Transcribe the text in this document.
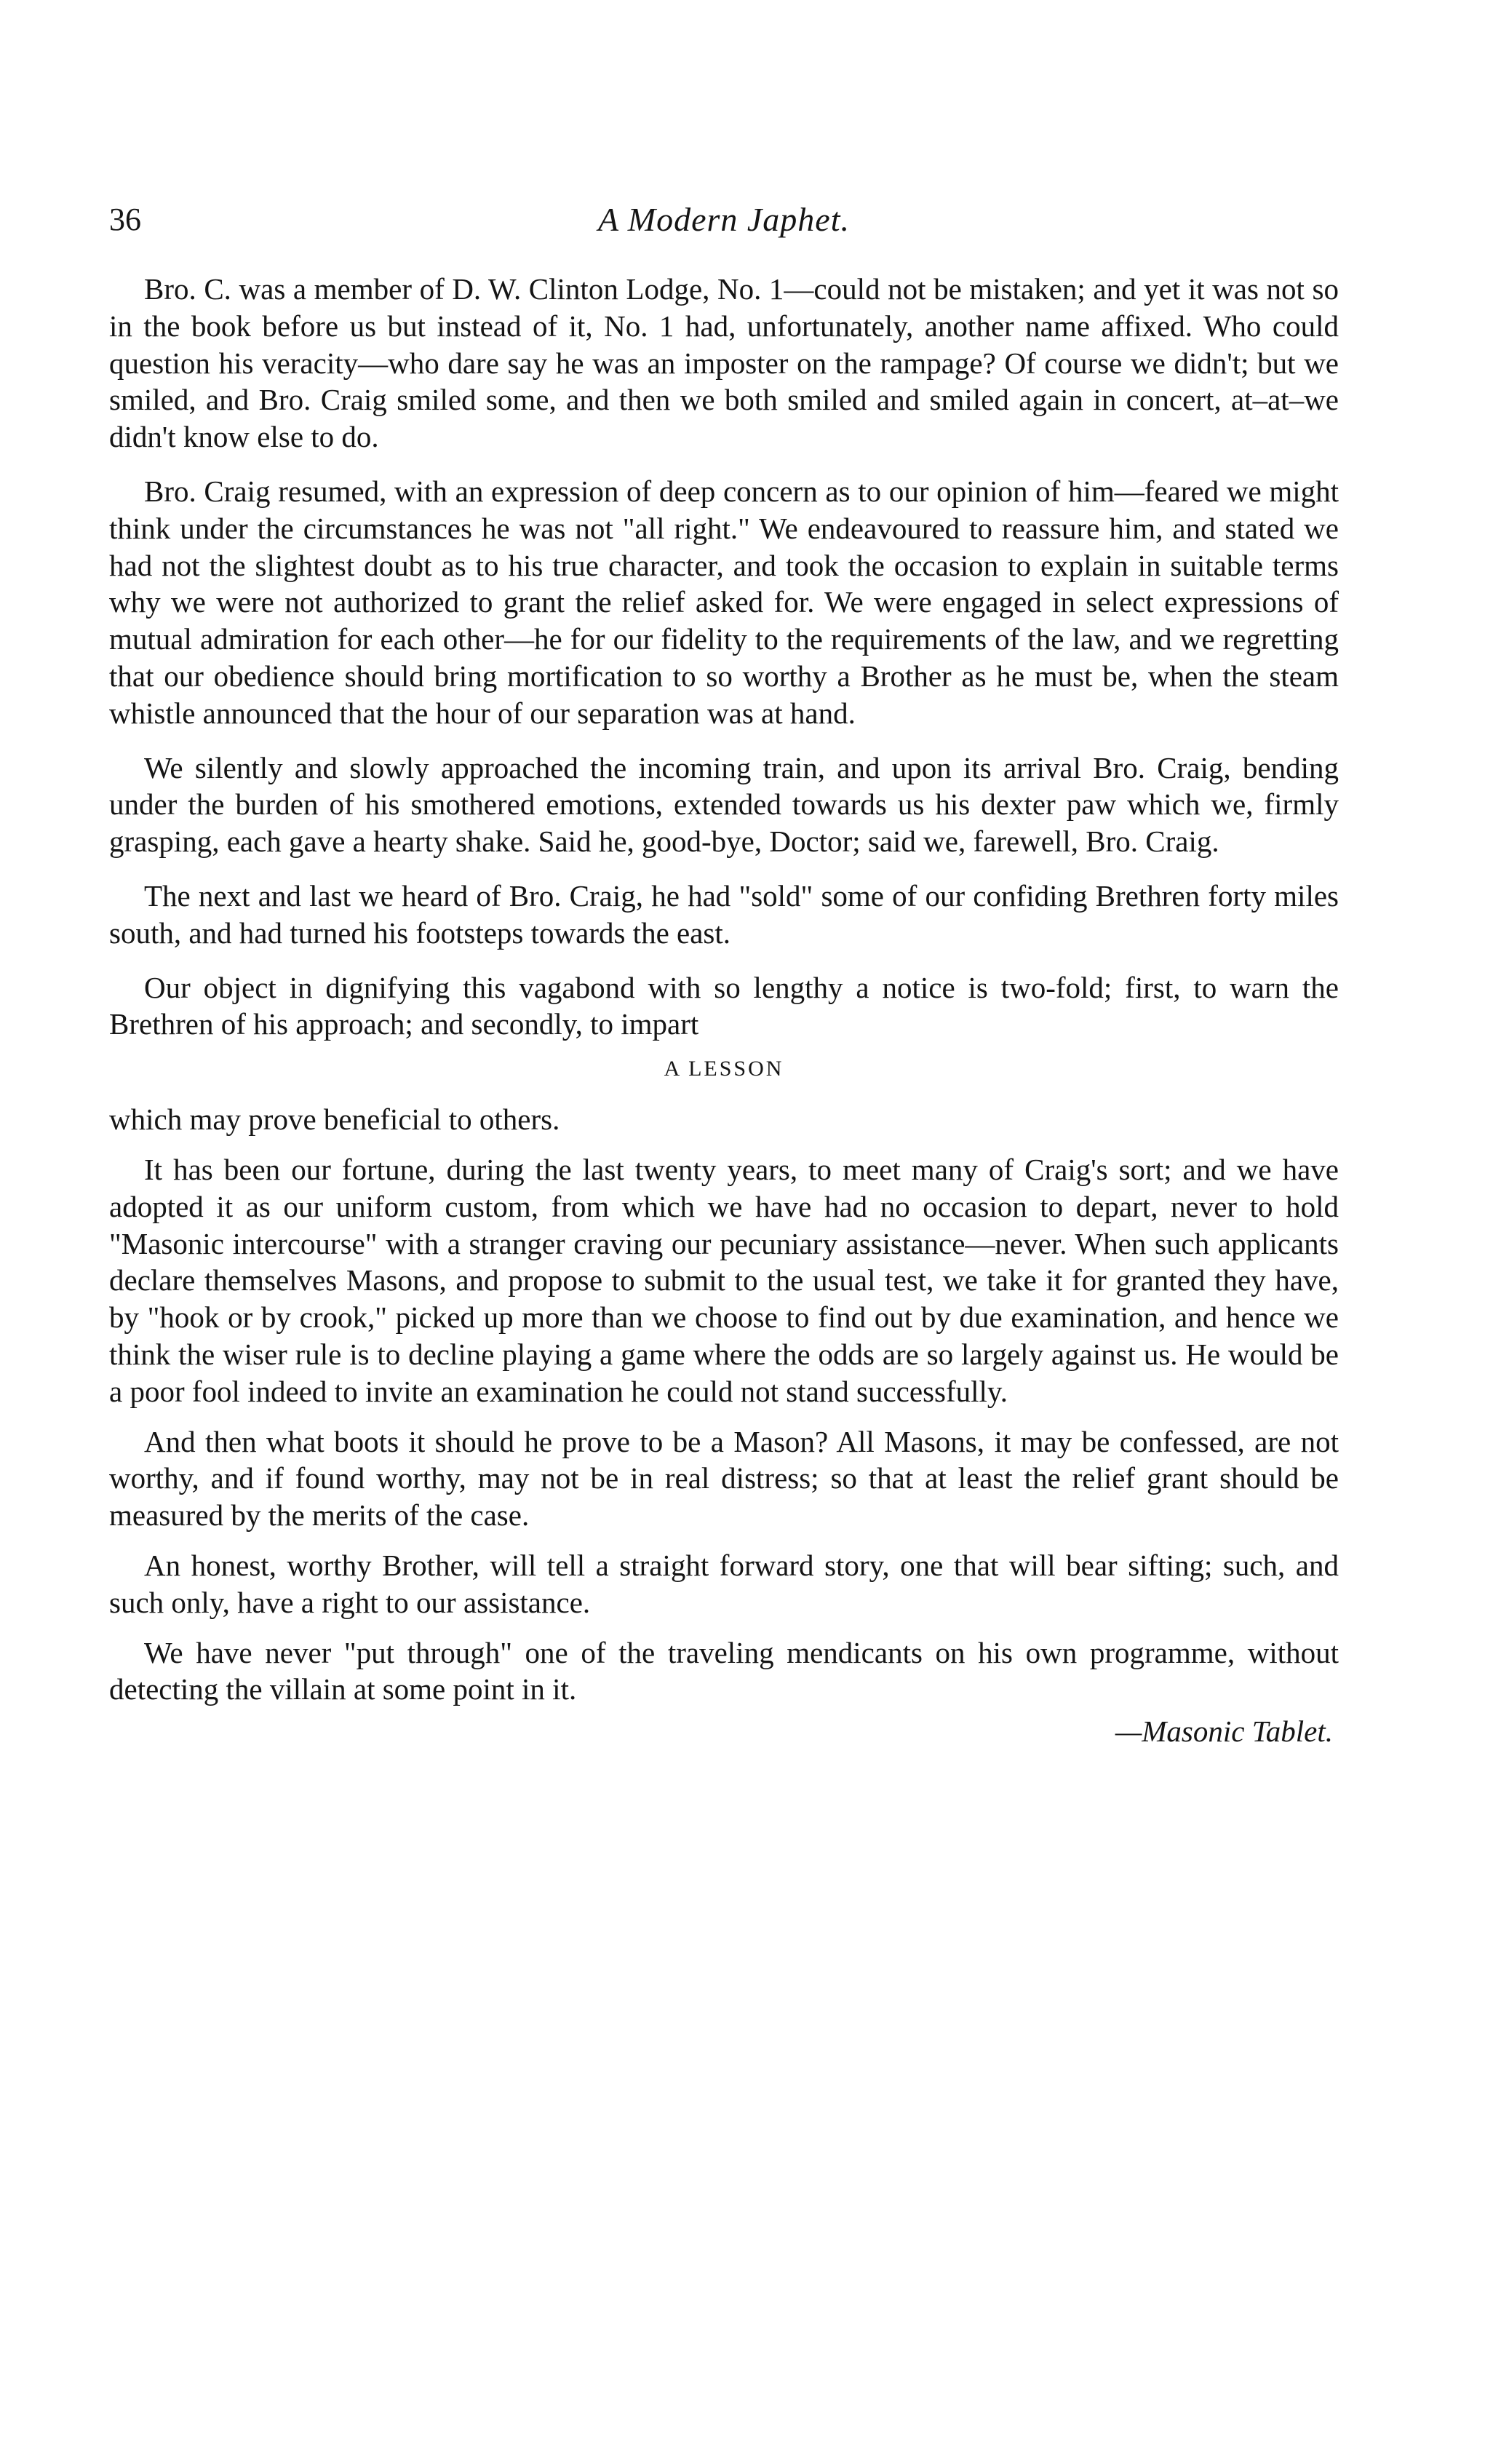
36	A Modern Japhet.

Bro. C. was a member of D. W. Clinton Lodge, No. 1—could not be mistaken; and yet it was not so in the book before us but instead of it, No. 1 had, unfortunately, another name affixed. Who could question his veracity—who dare say he was an imposter on the rampage? Of course we didn't; but we smiled, and Bro. Craig smiled some, and then we both smiled and smiled again in concert, at–at–we didn't know else to do.

Bro. Craig resumed, with an expression of deep concern as to our opinion of him—feared we might think under the circumstances he was not "all right." We endeavoured to reassure him, and stated we had not the slightest doubt as to his true character, and took the occasion to explain in suitable terms why we were not authorized to grant the relief asked for. We were engaged in select expressions of mutual admiration for each other—he for our fidelity to the requirements of the law, and we regretting that our obedience should bring mortification to so worthy a Brother as he must be, when the steam whistle announced that the hour of our separation was at hand.

We silently and slowly approached the incoming train, and upon its arrival Bro. Craig, bending under the burden of his smothered emotions, extended towards us his dexter paw which we, firmly grasping, each gave a hearty shake. Said he, good-bye, Doctor; said we, farewell, Bro. Craig.

The next and last we heard of Bro. Craig, he had "sold" some of our confiding Brethren forty miles south, and had turned his footsteps towards the east.

Our object in dignifying this vagabond with so lengthy a notice is two-fold; first, to warn the Brethren of his approach; and secondly, to impart

A LESSON

which may prove beneficial to others.

It has been our fortune, during the last twenty years, to meet many of Craig's sort; and we have adopted it as our uniform custom, from which we have had no occasion to depart, never to hold "Masonic intercourse" with a stranger craving our pecuniary assistance—never. When such applicants declare themselves Masons, and propose to submit to the usual test, we take it for granted they have, by "hook or by crook," picked up more than we choose to find out by due examination, and hence we think the wiser rule is to decline playing a game where the odds are so largely against us. He would be a poor fool indeed to invite an examination he could not stand successfully.

And then what boots it should he prove to be a Mason? All Masons, it may be confessed, are not worthy, and if found worthy, may not be in real distress; so that at least the relief grant should be measured by the merits of the case.

An honest, worthy Brother, will tell a straight forward story, one that will bear sifting; such, and such only, have a right to our assistance.

We have never "put through" one of the traveling mendicants on his own programme, without detecting the villain at some point in it.

—Masonic Tablet.
